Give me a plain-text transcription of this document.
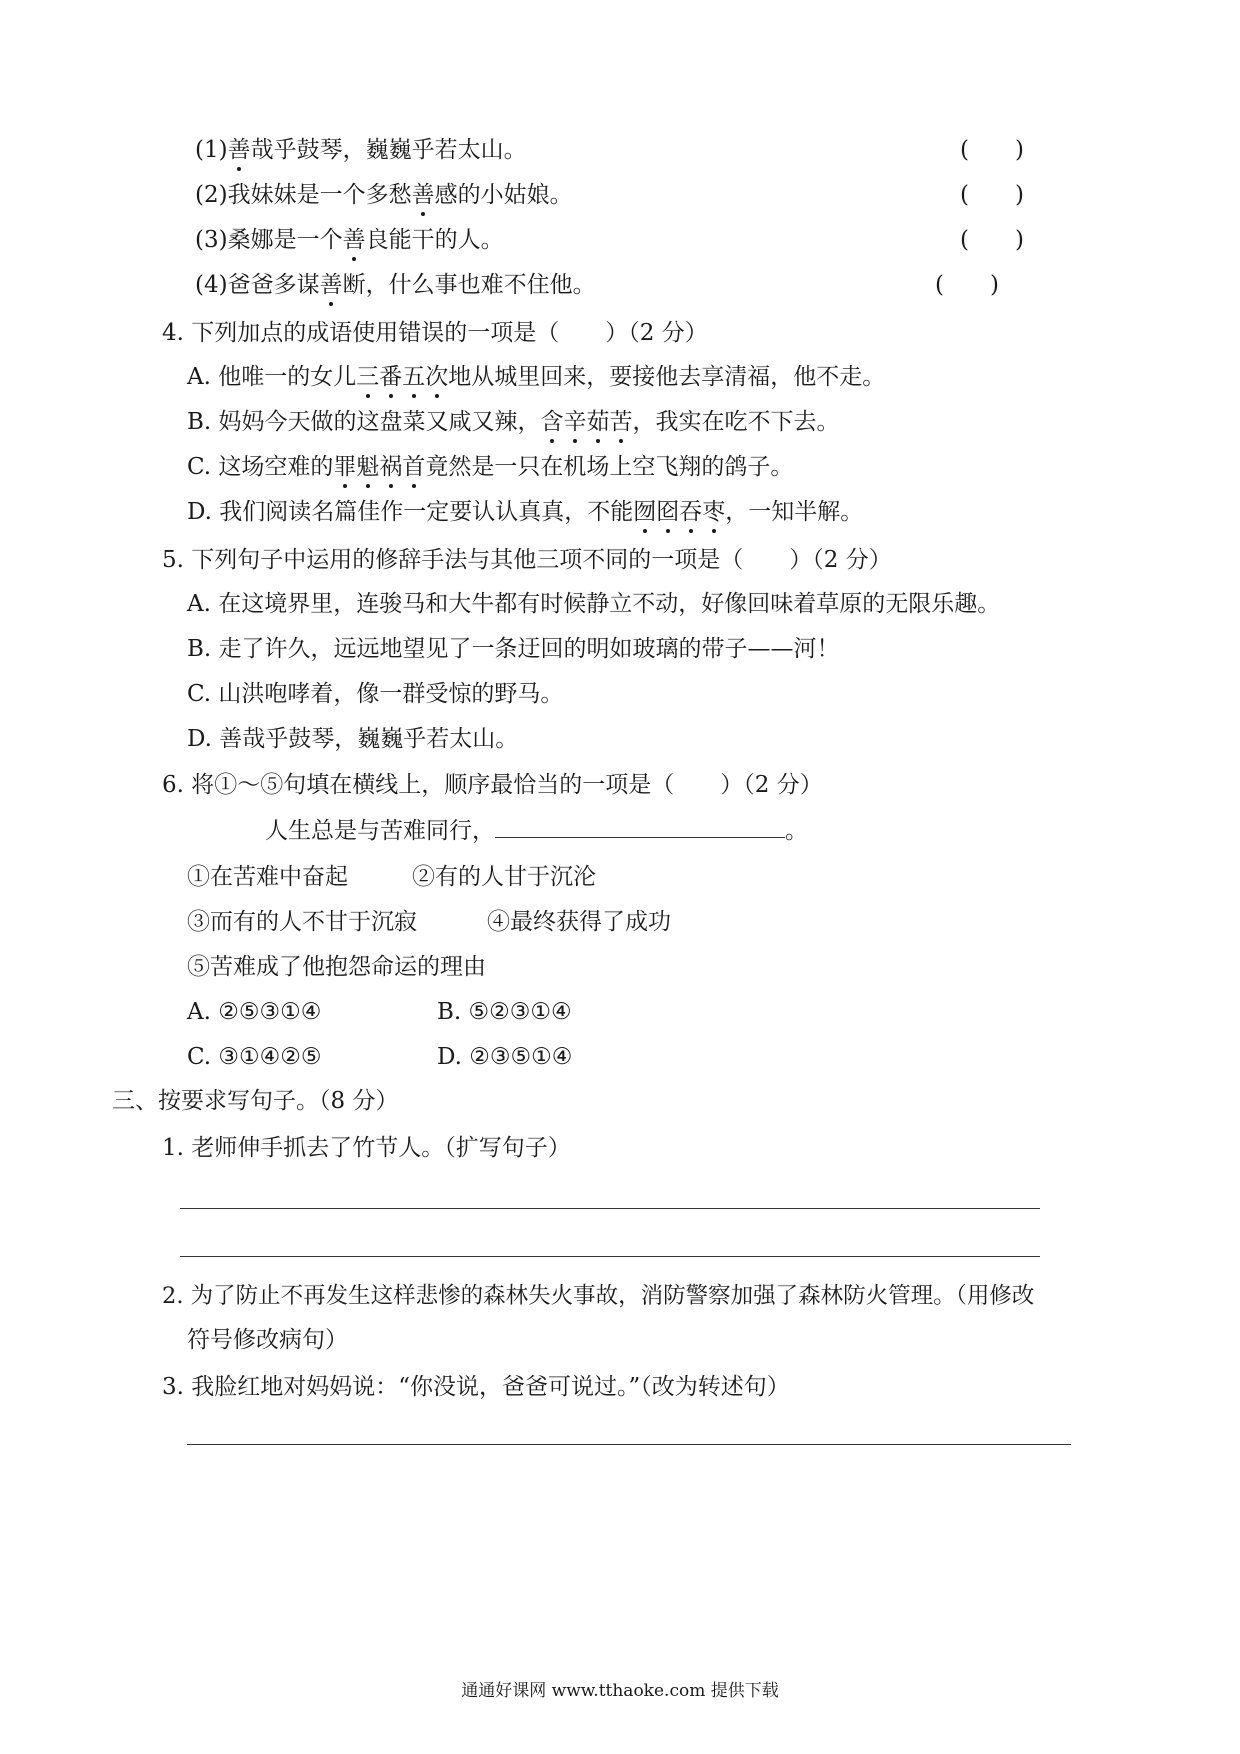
(1)善哉乎鼓琴，巍巍乎若太山。	(　　)
(2)我妹妹是一个多愁善感的小姑娘。	(　　)
(3)桑娜是一个善良能干的人。	(　　)
(4)爸爸多谋善断，什么事也难不住他。	(　　)
4. 下列加点的成语使用错误的一项是（　　）（2 分）
A. 他唯一的女儿三番五次地从城里回来，要接他去享清福，他不走。
B. 妈妈今天做的这盘菜又咸又辣，含辛茹苦，我实在吃不下去。
C. 这场空难的罪魁祸首竟然是一只在机场上空飞翔的鸽子。
D. 我们阅读名篇佳作一定要认认真真，不能囫囵吞枣，一知半解。
5. 下列句子中运用的修辞手法与其他三项不同的一项是（　　）（2 分）
A. 在这境界里，连骏马和大牛都有时候静立不动，好像回味着草原的无限乐趣。
B. 走了许久，远远地望见了一条迂回的明如玻璃的带子——河！
C. 山洪咆哮着，像一群受惊的野马。
D. 善哉乎鼓琴，巍巍乎若太山。
6. 将①～⑤句填在横线上，顺序最恰当的一项是（　　）（2 分）
人生总是与苦难同行，	。
①在苦难中奋起	②有的人甘于沉沦
③而有的人不甘于沉寂	④最终获得了成功
⑤苦难成了他抱怨命运的理由
A. ②⑤③①④	B. ⑤②③①④
C. ③①④②⑤	D. ②③⑤①④
三、按要求写句子。（8 分）
1. 老师伸手抓去了竹节人。（扩写句子）
2. 为了防止不再发生这样悲惨的森林失火事故，消防警察加强了森林防火管理。（用修改
符号修改病句）
3. 我脸红地对妈妈说：“你没说，爸爸可说过。”（改为转述句）
通通好课网 www.tthaoke.com 提供下载
